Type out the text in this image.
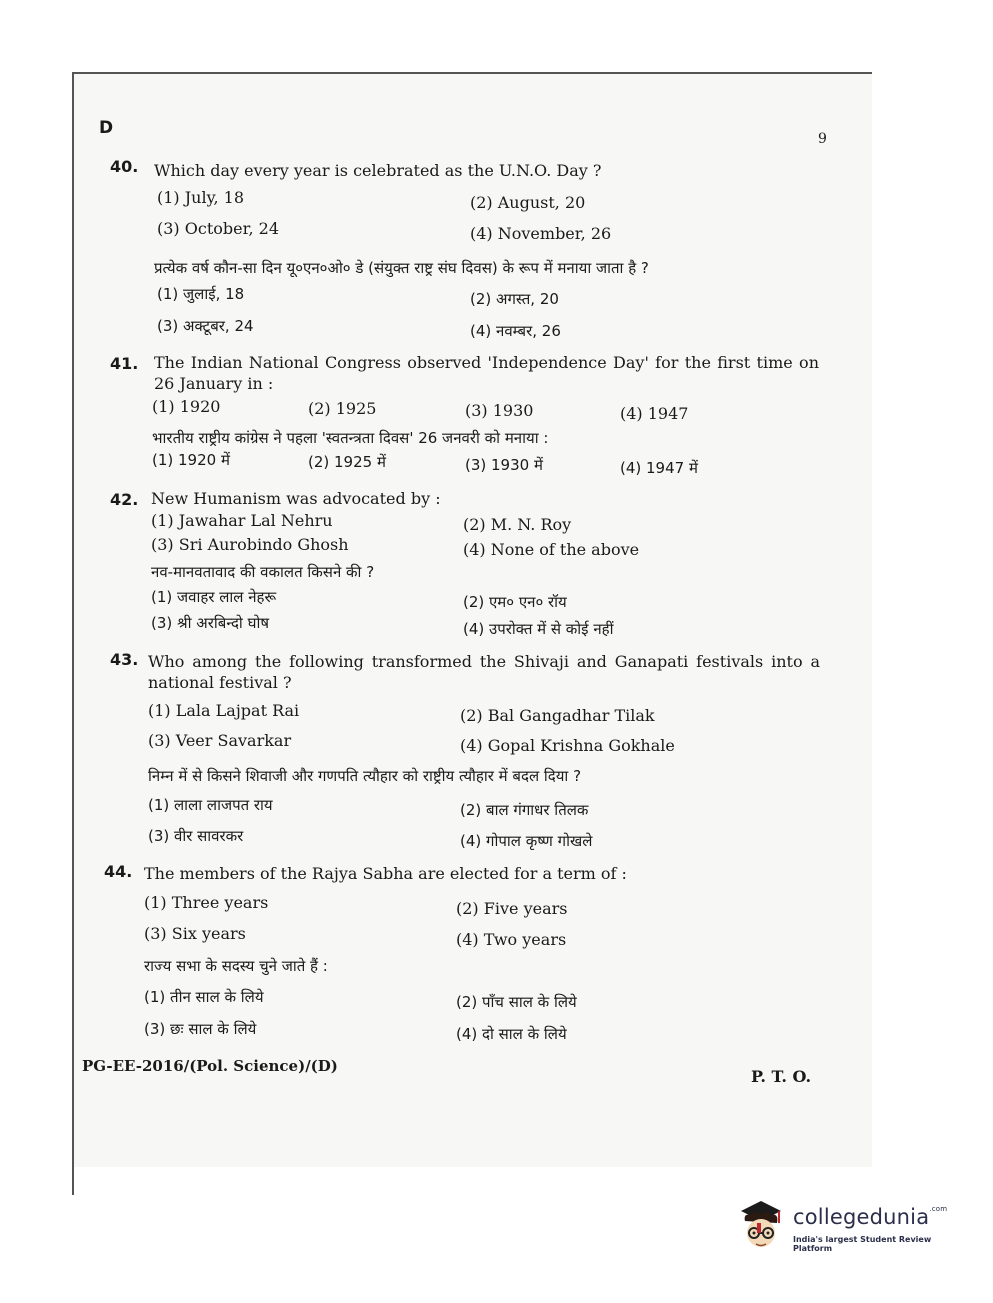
D
9
40. Which day every year is celebrated as the U.N.O. Day ?
(1) July, 18	(2) August, 20
(3) October, 24	(4) November, 26
प्रत्येक वर्ष कौन-सा दिन यू०एन०ओ० डे (संयुक्त राष्ट्र संघ दिवस) के रूप में मनाया जाता है ?
(1) जुलाई, 18	(2) अगस्त, 20
(3) अक्टूबर, 24	(4) नवम्बर, 26
41. The Indian National Congress observed 'Independence Day' for the first time on 26 January in :
(1) 1920	(2) 1925	(3) 1930	(4) 1947
भारतीय राष्ट्रीय कांग्रेस ने पहला 'स्वतन्त्रता दिवस' 26 जनवरी को मनाया :
(1) 1920 में	(2) 1925 में	(3) 1930 में	(4) 1947 में
42. New Humanism was advocated by :
(1) Jawahar Lal Nehru	(2) M. N. Roy
(3) Sri Aurobindo Ghosh	(4) None of the above
नव-मानवतावाद की वकालत किसने की ?
(1) जवाहर लाल नेहरू	(2) एम० एन० रॉय
(3) श्री अरबिन्दो घोष	(4) उपरोक्त में से कोई नहीं
43. Who among the following transformed the Shivaji and Ganapati festivals into a national festival ?
(1) Lala Lajpat Rai	(2) Bal Gangadhar Tilak
(3) Veer Savarkar	(4) Gopal Krishna Gokhale
निम्न में से किसने शिवाजी और गणपति त्यौहार को राष्ट्रीय त्यौहार में बदल दिया ?
(1) लाला लाजपत राय	(2) बाल गंगाधर तिलक
(3) वीर सावरकर	(4) गोपाल कृष्ण गोखले
44. The members of the Rajya Sabha are elected for a term of :
(1) Three years	(2) Five years
(3) Six years	(4) Two years
राज्य सभा के सदस्य चुने जाते हैं :
(1) तीन साल के लिये	(2) पाँच साल के लिये
(3) छः साल के लिये	(4) दो साल के लिये
PG-EE-2016/(Pol. Science)/(D)
P. T. O.
collegedunia$^{.com}$
India's largest Student Review Platform
